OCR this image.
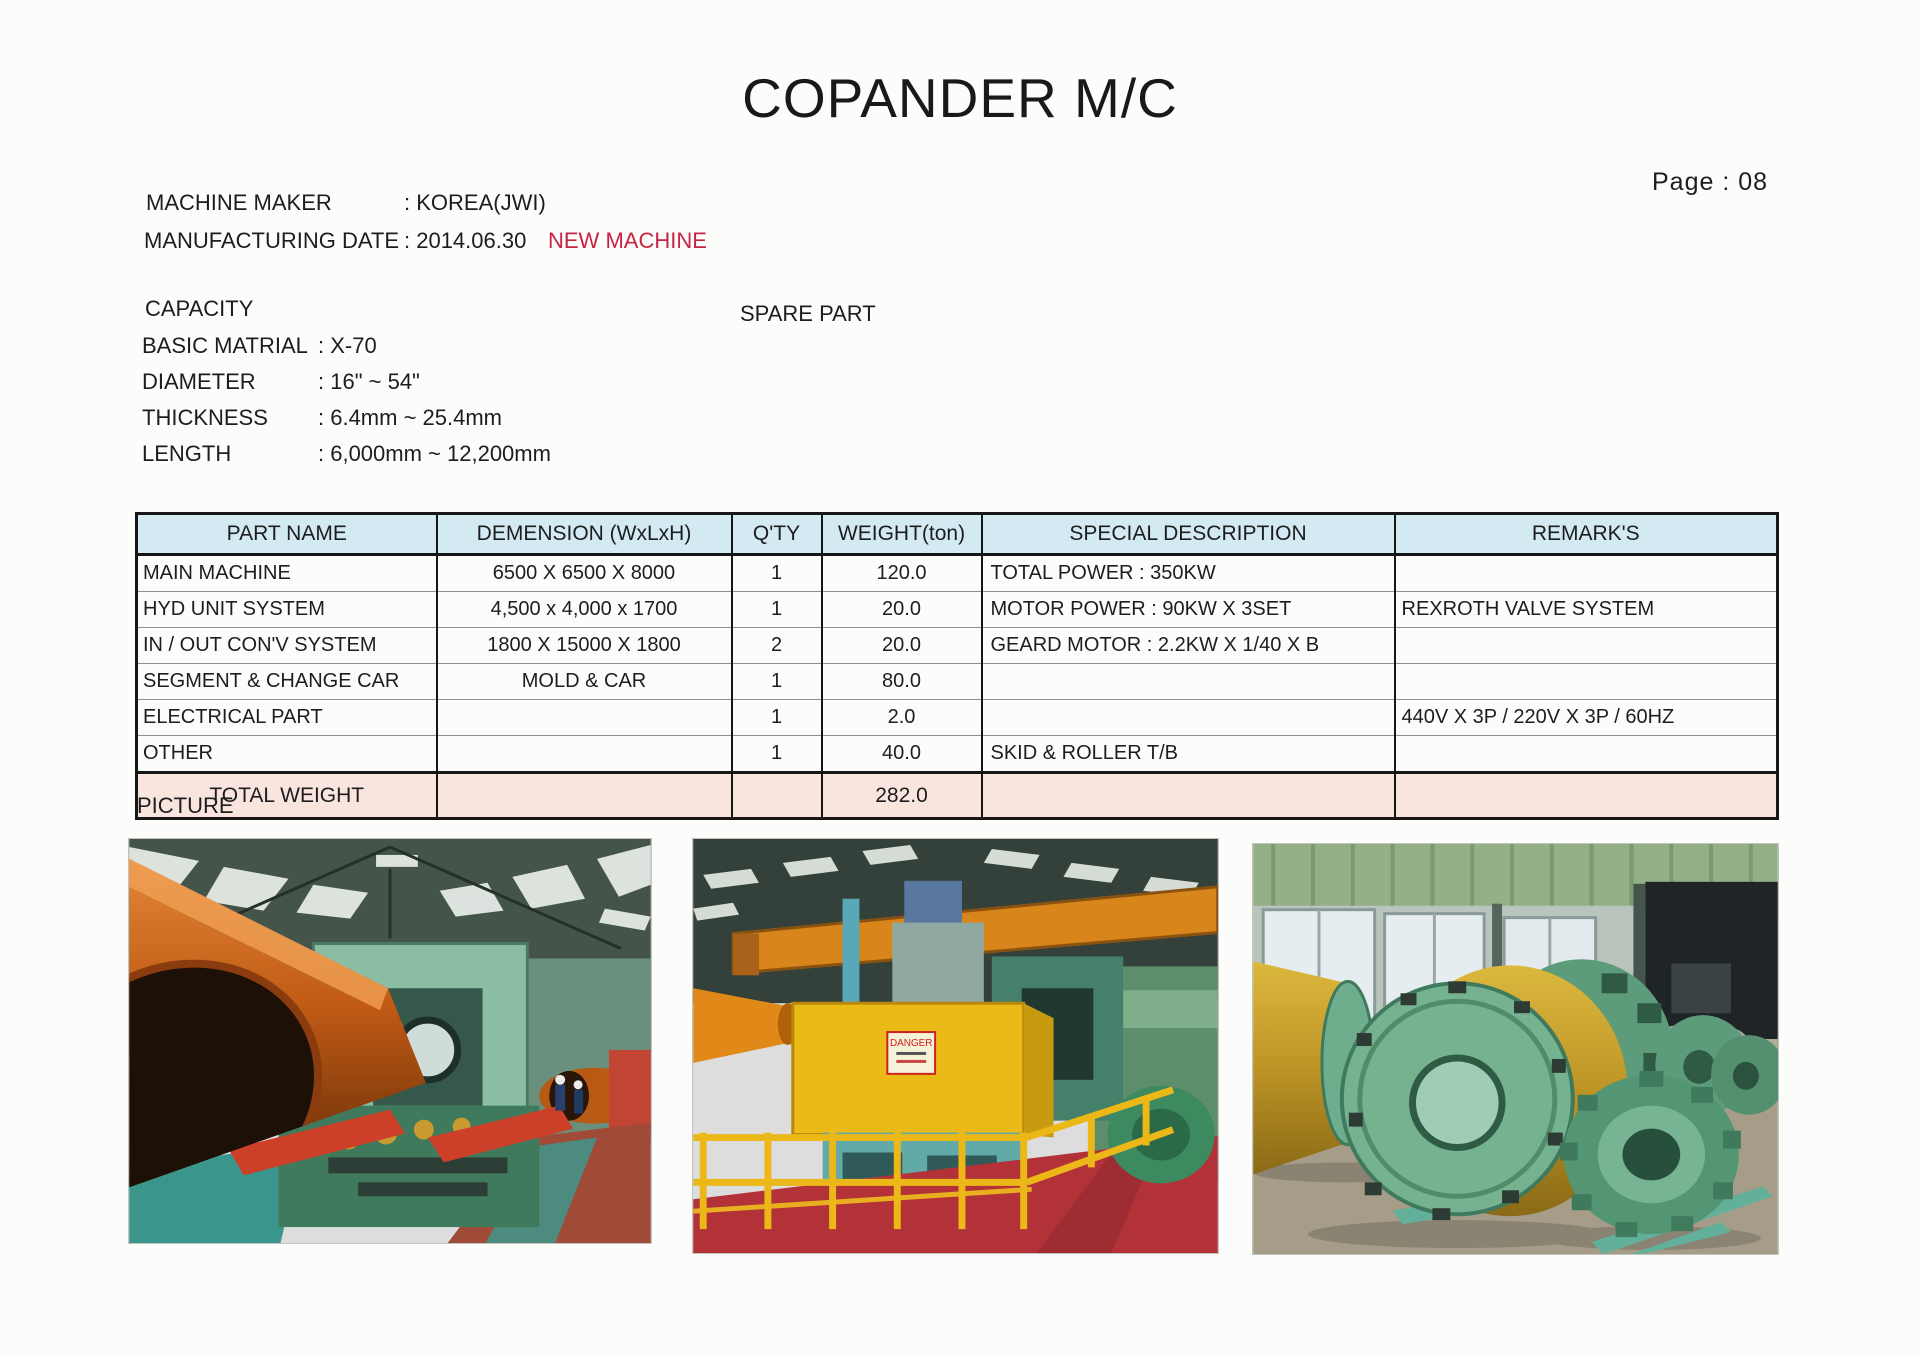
COPANDER M/C
Page : 08
MACHINE MAKER	: KOREA(JWI)
MANUFACTURING DATE : 2014.06.30 NEW MACHINE
CAPACITY	SPARE PART
BASIC MATRIAL : X-70
DIAMETER	: 16" ~ 54"
THICKNESS : 6.4mm ~ 25.4mm
LENGTH	: 6,000mm ~ 12,200mm
PART NAME	DEMENSION (WxLxH)	Q'TY	WEIGHT(ton)	SPECIAL DESCRIPTION	REMARK'S
MAIN MACHINE	6500 X 6500 X 8000	1	120.0	TOTAL POWER : 350KW	
HYD UNIT SYSTEM	4,500 x 4,000 x 1700	1	20.0	MOTOR POWER : 90KW X 3SET	REXROTH VALVE SYSTEM
IN / OUT CON'V SYSTEM	1800 X 15000 X 1800	2	20.0	GEARD MOTOR : 2.2KW X 1/40 X B	
SEGMENT & CHANGE CAR	MOLD & CAR	1	80.0		
ELECTRICAL PART		1	2.0		440V X 3P / 220V X 3P / 60HZ
OTHER		1	40.0	SKID & ROLLER T/B	
TOTAL WEIGHT			282.0		
PICTURE
DANGER
